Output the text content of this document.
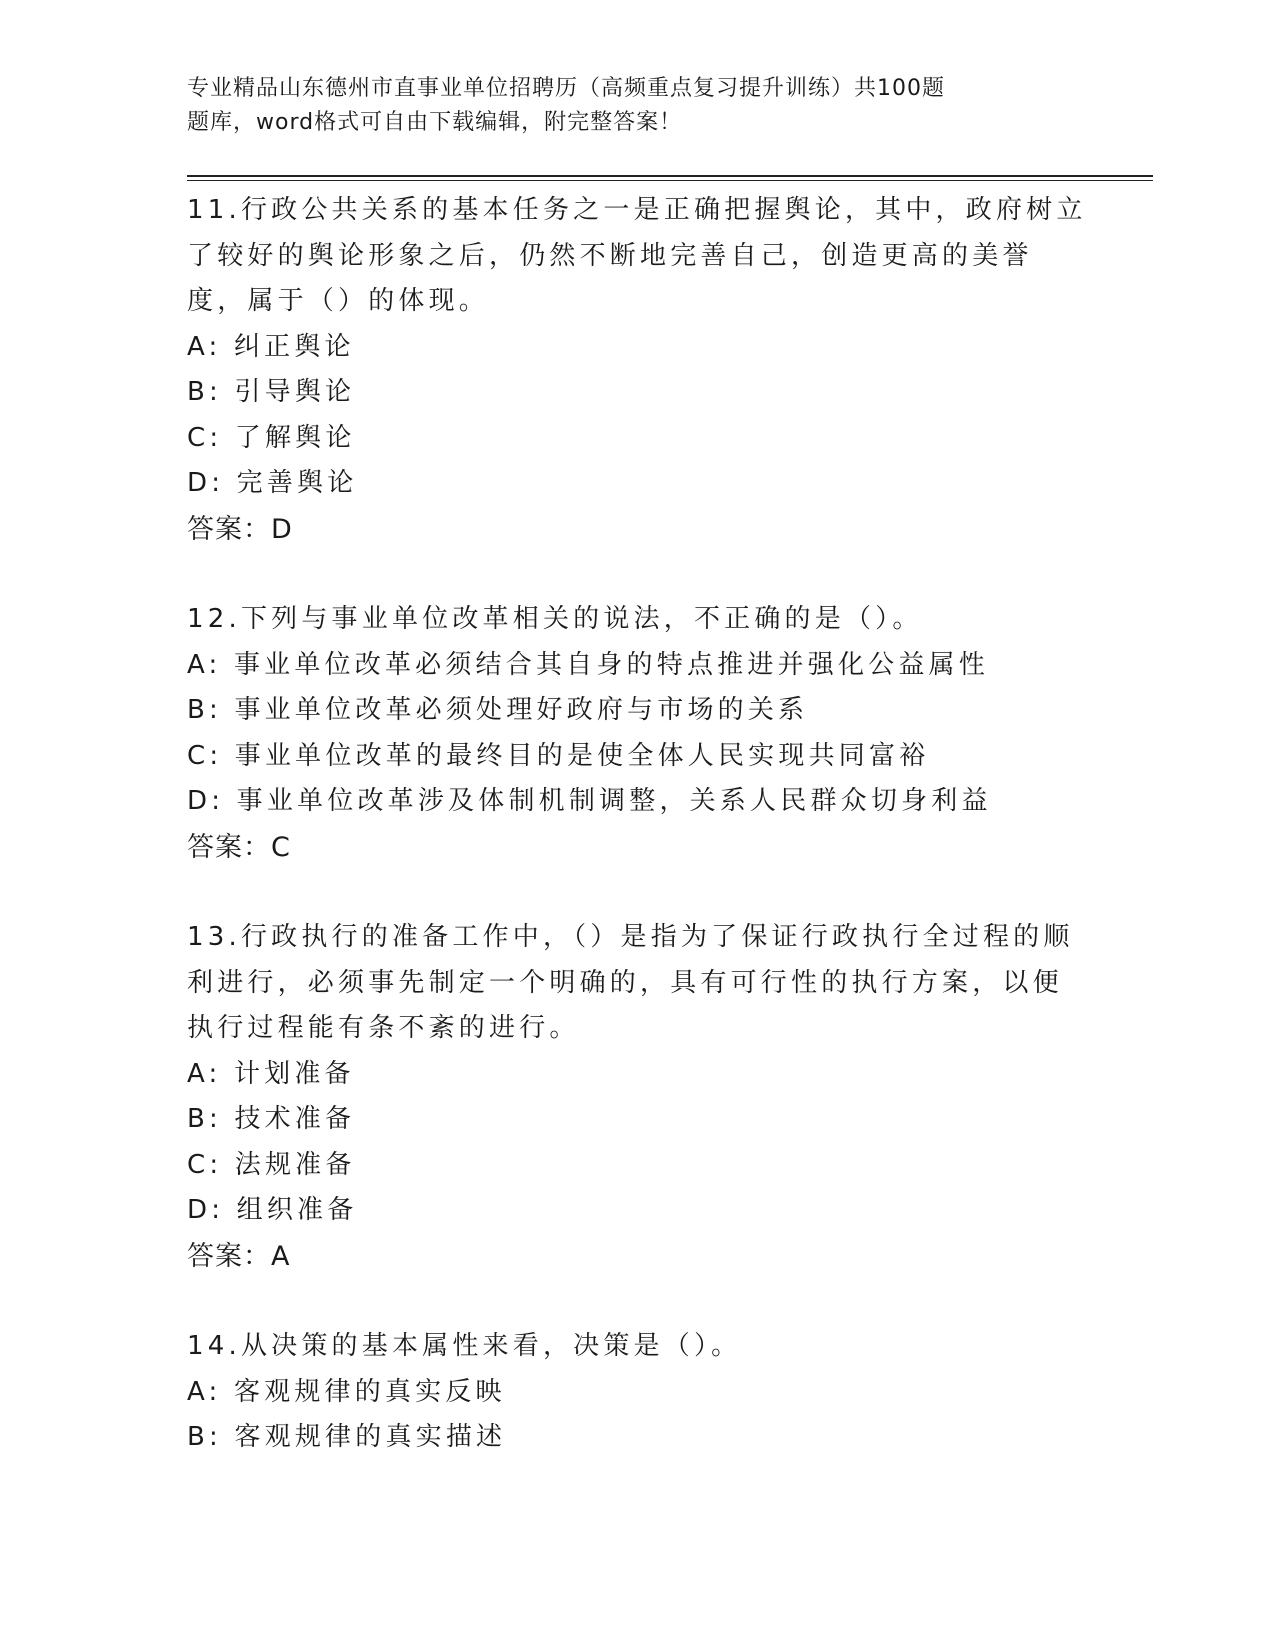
专业精品山东德州市直事业单位招聘历（高频重点复习提升训练）共100题
题库，word格式可自由下载编辑，附完整答案！

11.行政公共关系的基本任务之一是正确把握舆论，其中，政府树立了较好的舆论形象之后，仍然不断地完善自己，创造更高的美誉度，属于（）的体现。

A: 纠正舆论
B: 引导舆论
C: 了解舆论
D: 完善舆论
答案：D

12.下列与事业单位改革相关的说法，不正确的是（）。

A: 事业单位改革必须结合其自身的特点推进并强化公益属性
B: 事业单位改革必须处理好政府与市场的关系
C: 事业单位改革的最终目的是使全体人民实现共同富裕
D: 事业单位改革涉及体制机制调整，关系人民群众切身利益
答案：C

13.行政执行的准备工作中，（）是指为了保证行政执行全过程的顺利进行，必须事先制定一个明确的，具有可行性的执行方案，以便执行过程能有条不紊的进行。

A: 计划准备
B: 技术准备
C: 法规准备
D: 组织准备
答案：A

14.从决策的基本属性来看，决策是（）。

A: 客观规律的真实反映
B: 客观规律的真实描述
